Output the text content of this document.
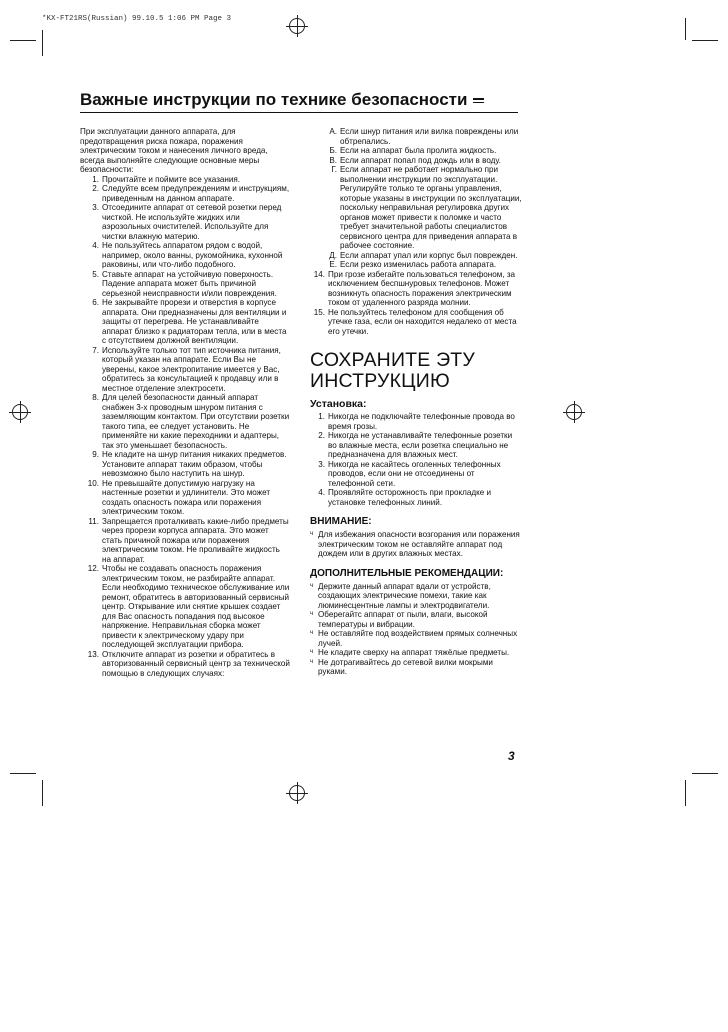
*KX-FT21RS(Russian) 99.10.5 1:06 PM Page 3
Важные инструкции по технике безопасности

При эксплуатации данного аппарата, для предотвращения риска пожара, поражения электрическим током и нанесения личного вреда, всегда выполняйте следующие основные меры безопасности:

1. Прочитайте и поймите все указания.
2. Следуйте всем предупреждениям и инструкциям, приведенным на данном аппарате.
3. Отсоедините аппарат от сетевой розетки перед чисткой. Не используйте жидких или аэрозольных очистителей. Используйте для чистки влажную материю.
4. Не пользуйтесь аппаратом рядом с водой, например, около ванны, рукомойника, кухонной раковины, или что-либо подобного.
5. Ставьте аппарат на устойчивую поверхность. Падение аппарата может быть причиной серьезной неисправности и/или повреждения.
6. Не закрывайте прорези и отверстия в корпусе аппарата. Они предназначены для вентиляции и защиты от перегрева. Не устанавливайте аппарат близко к радиаторам тепла, или в места с отсутствием должной вентиляции.
7. Используйте только тот тип источника питания, который указан на аппарате. Если Вы не уверены, какое электропитание имеется у Вас, обратитесь за консультацией к продавцу или в местное отделение электросети.
8. Для целей безопасности данный аппарат снабжен 3-х проводным шнуром питания с заземляющим контактом. При отсутствии розетки такого типа, ее следует установить. Не применяйте ни какие переходники и адаптеры, так это уменьшает безопасность.
9. Не кладите на шнур питания никаких предметов. Установите аппарат таким образом, чтобы невозможно было наступить на шнур.
10. Не превышайте допустимую нагрузку на настенные розетки и удлинители. Это может создать опасность пожара или поражения электрическим током.
11. Запрещается проталкивать какие-либо предметы через прорези корпуса аппарата. Это может стать причиной пожара или поражения электрическим током. Не проливайте жидкость на аппарат.
12. Чтобы не создавать опасность поражения электрическим током, не разбирайте аппарат. Если необходимо техническое обслуживание или ремонт, обратитесь в авторизованный сервисный центр. Открывание или снятие крышек создает для Вас опасность попадания под высокое напряжение. Неправильная сборка может привести к электрическому удару при последующей эксплуатации прибора.
13. Отключите аппарат из розетки и обратитесь в авторизованный сервисный центр за технической помощью в следующих случаях:
A. Если шнур питания или вилка повреждены или обтрепались.
Б. Если на аппарат была пролита жидкость.
В. Если аппарат попал под дождь или в воду.
Г. Если аппарат не работает нормально при выполнении инструкции по эксплуатации. Регулируйте только те органы управления, которые указаны в инструкции по эксплуатации, поскольку неправильная регулировка других органов может привести к поломке и часто требует значительной работы специалистов сервисного центра для приведения аппарата в рабочее состояние.
Д. Если аппарат упал или корпус был поврежден.
Е. Если резко изменилась работа аппарата.
14. При грозе избегайте пользоваться телефоном, за исключением беспшнуровых телефонов. Может возникнуть опасность поражения электрическим током от удаленного разряда молнии.
15. Не пользуйтесь телефоном для сообщения об утечке газа, если он находится недалеко от места его утечки.
СОХРАНИТЕ ЭТУ
ИНСТРУКЦИЮ
Установка:
1. Никогда не подключайте телефонные провода во время грозы.
2. Никогда не устанавливайте телефонные розетки во влажные места, если розетка специально не предназначена для влажных мест.
3. Никогда не касайтесь оголенных телефонных проводов, если они не отсоединены от телефонной сети.
4. Проявляйте осторожность при прокладке и установке телефонных линий.
ВНИМАНИЕ:
ч Для избежания опасности возгорания или поражения электрическим током не оставляйте аппарат под дождем или в других влажных местах.
ДОПОЛНИТЕЛЬНЫЕ РЕКОМЕНДАЦИИ:
ч Держите данный аппарат вдали от устройств, создающих электрические помехи, такие как люминесцентные лампы и электродвигатели.
ч Оберегайтс аппарат от пыли, влаги, высокой температуры и вибрации.
ч Не оставляйте под воздействием прямых солнечных лучей.
ч Не кладите сверху на аппарат тяжёлые предметы.
ч Не дотрагивайтесь до сетевой вилки мокрыми руками.
3
